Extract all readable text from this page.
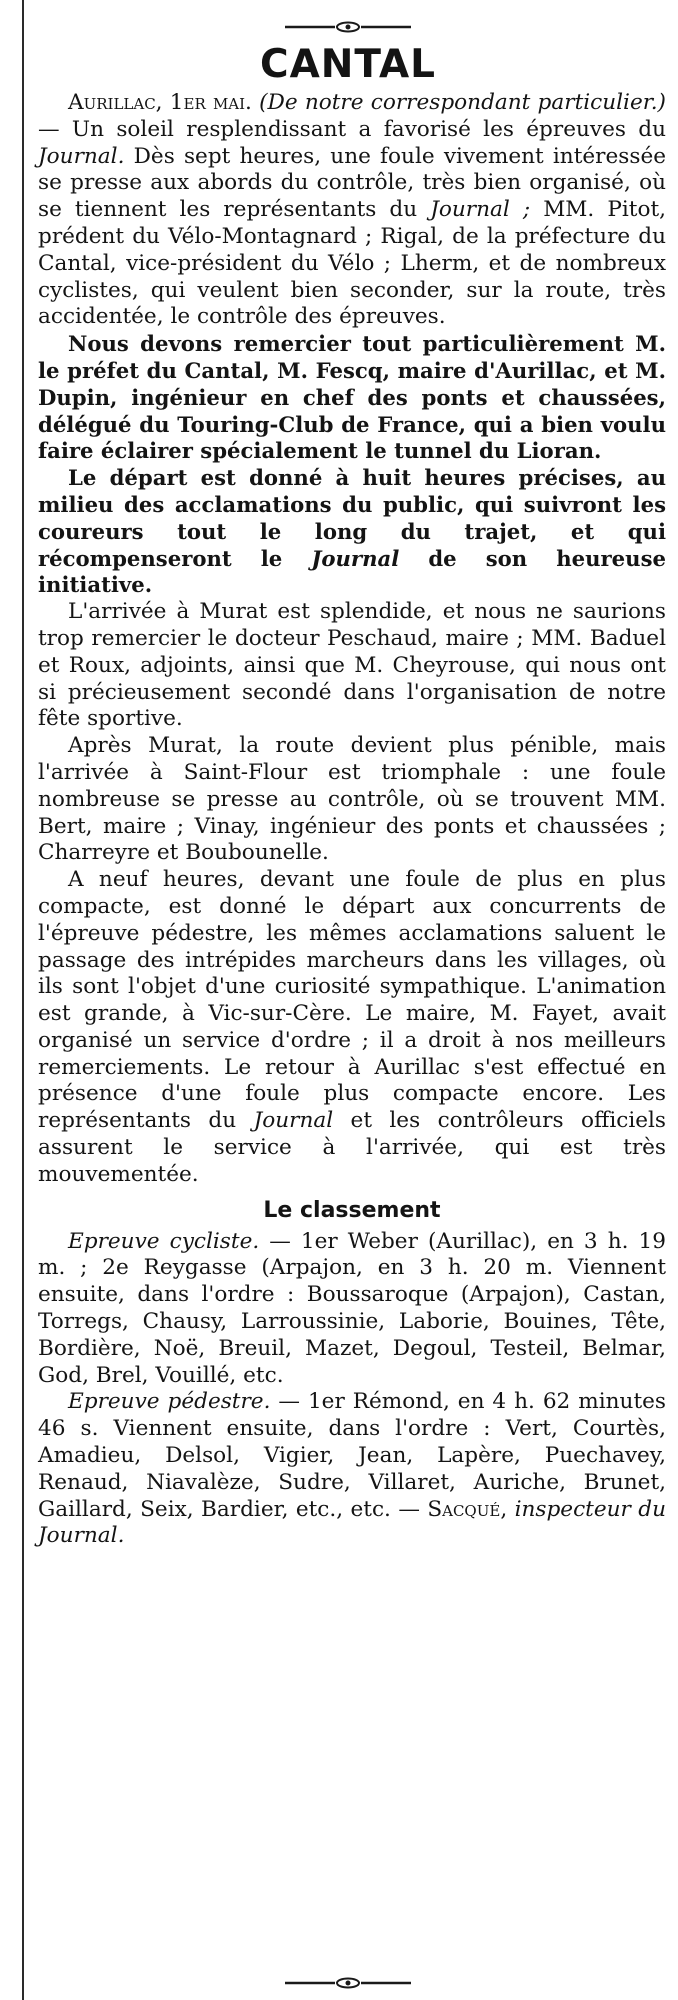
CANTAL

Aurillac, 1er mai. (De notre correspondant particulier.) — Un soleil resplendissant a favorisé les épreuves du Journal. Dès sept heures, une foule vivement intéressée se presse aux abords du contrôle, très bien organisé, où se tiennent les représentants du Journal ; MM. Pitot, prédent du Vélo-Montagnard ; Rigal, de la préfecture du Cantal, vice-président du Vélo ; Lherm, et de nombreux cyclistes, qui veulent bien seconder, sur la route, très accidentée, le contrôle des épreuves.

Nous devons remercier tout particulièrement M. le préfet du Cantal, M. Fescq, maire d'Aurillac, et M. Dupin, ingénieur en chef des ponts et chaussées, délégué du Touring-Club de France, qui a bien voulu faire éclairer spécialement le tunnel du Lioran.

Le départ est donné à huit heures précises, au milieu des acclamations du public, qui suivront les coureurs tout le long du trajet, et qui récompenseront le Journal de son heureuse initiative.

L'arrivée à Murat est splendide, et nous ne saurions trop remercier le docteur Peschaud, maire ; MM. Baduel et Roux, adjoints, ainsi que M. Cheyrouse, qui nous ont si précieusement secondé dans l'organisation de notre fête sportive.

Après Murat, la route devient plus pénible, mais l'arrivée à Saint-Flour est triomphale : une foule nombreuse se presse au contrôle, où se trouvent MM. Bert, maire ; Vinay, ingénieur des ponts et chaussées ; Charreyre et Boubounelle.

A neuf heures, devant une foule de plus en plus compacte, est donné le départ aux concurrents de l'épreuve pédestre, les mêmes acclamations saluent le passage des intrépides marcheurs dans les villages, où ils sont l'objet d'une curiosité sympathique. L'animation est grande, à Vic-sur-Cère. Le maire, M. Fayet, avait organisé un service d'ordre ; il a droit à nos meilleurs remerciements. Le retour à Aurillac s'est effectué en présence d'une foule plus compacte encore. Les représentants du Journal et les contrôleurs officiels assurent le service à l'arrivée, qui est très mouvementée.

Le classement

Epreuve cycliste. — 1er Weber (Aurillac), en 3 h. 19 m. ; 2e Reygasse (Arpajon, en 3 h. 20 m. Viennent ensuite, dans l'ordre : Boussaroque (Arpajon), Castan, Torregs, Chausy, Larroussinie, Laborie, Bouines, Tête, Bordière, Noë, Breuil, Mazet, Degoul, Testeil, Belmar, God, Brel, Vouillé, etc.

Epreuve pédestre. — 1er Rémond, en 4 h. 62 minutes 46 s. Viennent ensuite, dans l'ordre : Vert, Courtès, Amadieu, Delsol, Vigier, Jean, Lapère, Puechavey, Renaud, Niavalèze, Sudre, Villaret, Auriche, Brunet, Gaillard, Seix, Bardier, etc., etc. — Sacqué, inspecteur du Journal.
